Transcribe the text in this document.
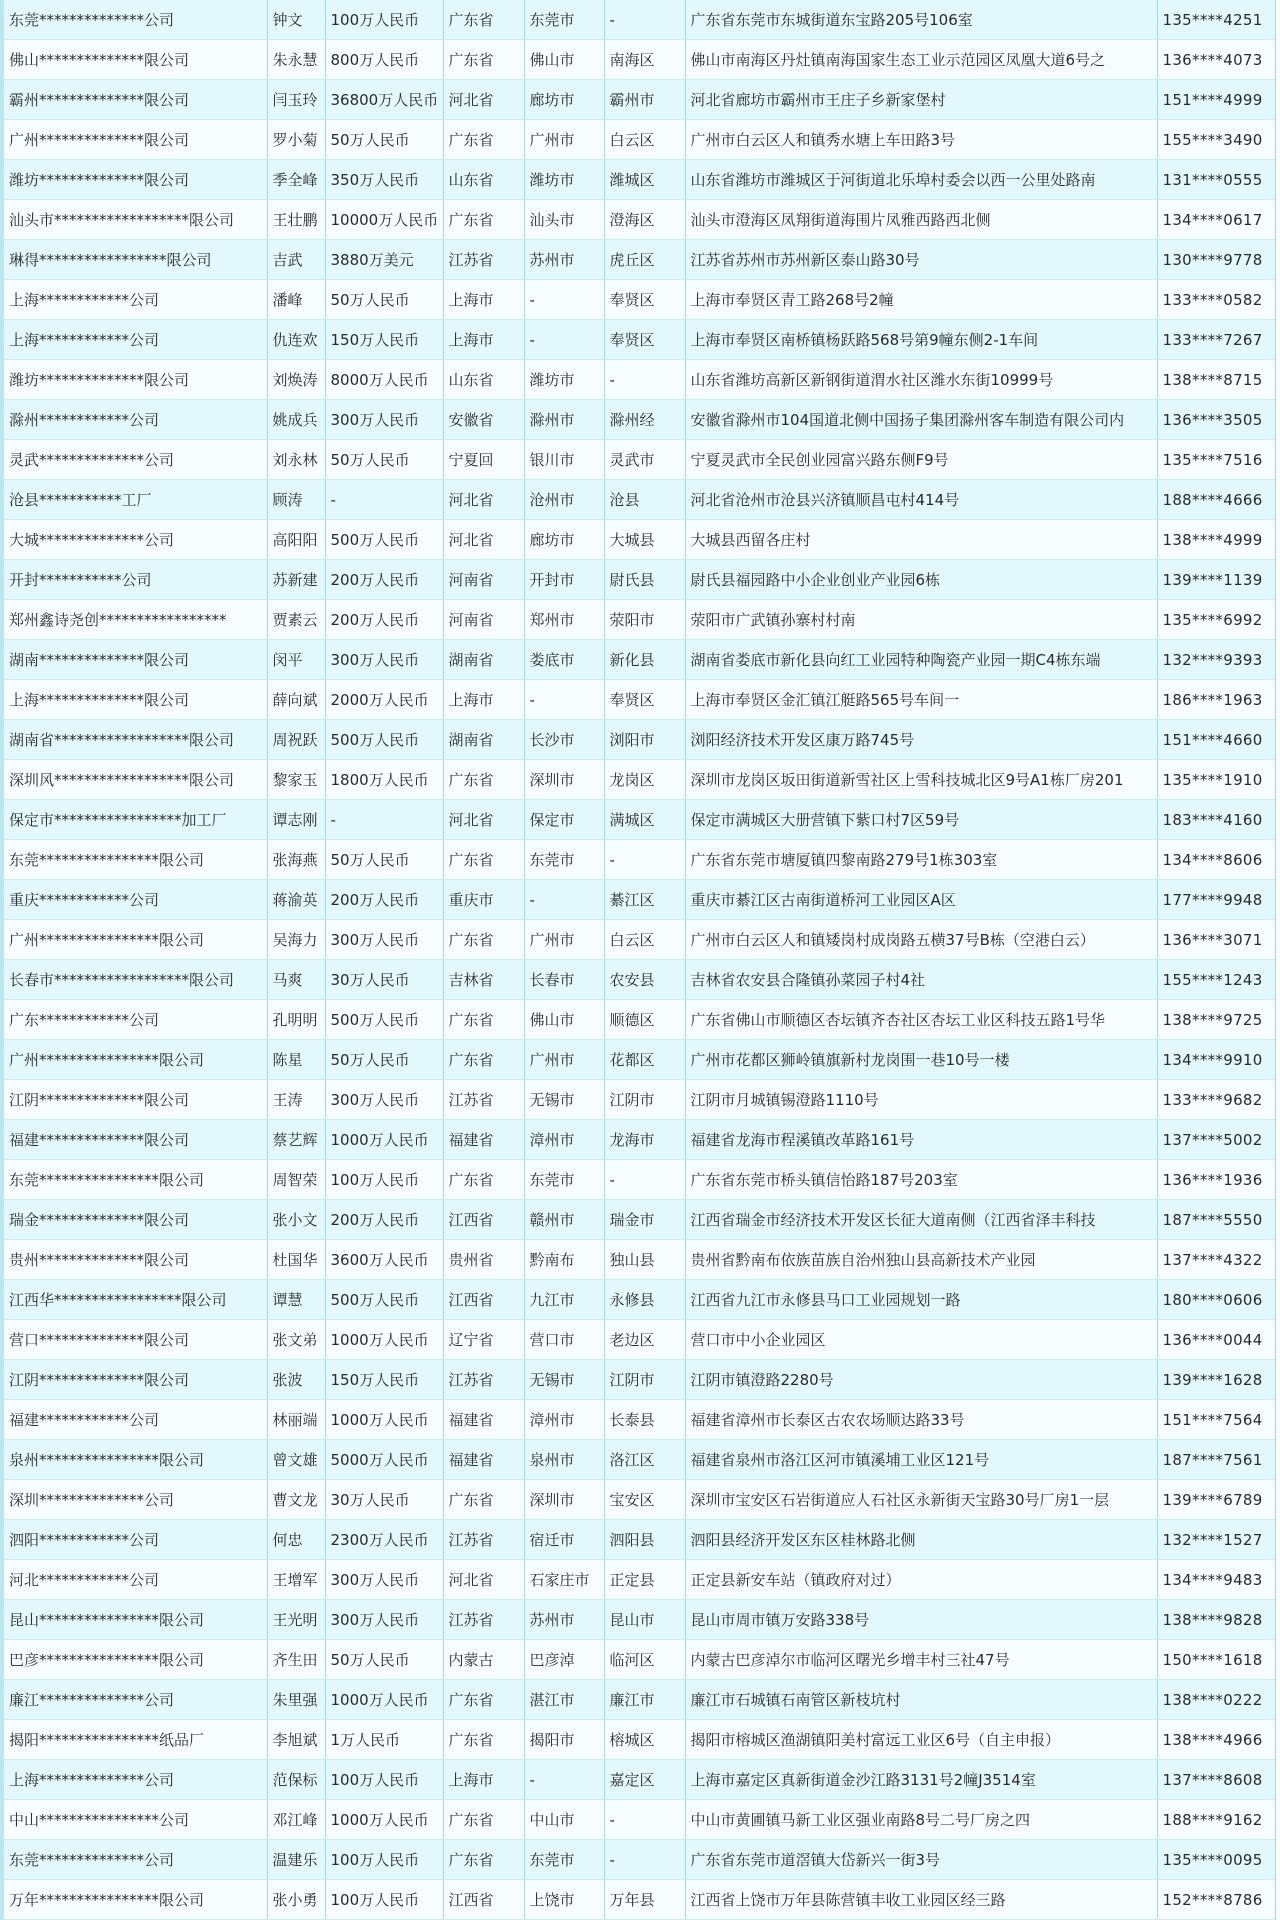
东莞**************公司	钟文	100万人民币	广东省	东莞市	-	广东省东莞市东城街道东宝路205号106室	135****4251
佛山**************限公司	朱永慧	800万人民币	广东省	佛山市	南海区	佛山市南海区丹灶镇南海国家生态工业示范园区凤凰大道6号之	136****4073
霸州**************限公司	闫玉玲	36800万人民币	河北省	廊坊市	霸州市	河北省廊坊市霸州市王庄子乡新家堡村	151****4999
广州**************限公司	罗小菊	50万人民币	广东省	广州市	白云区	广州市白云区人和镇秀水塘上车田路3号	155****3490
潍坊**************限公司	季全峰	350万人民币	山东省	潍坊市	潍城区	山东省潍坊市潍城区于河街道北乐埠村委会以西一公里处路南	131****0555
汕头市******************限公司	王壮鹏	10000万人民币	广东省	汕头市	澄海区	汕头市澄海区凤翔街道海围片凤雅西路西北侧	134****0617
琳得*****************限公司	吉武	3880万美元	江苏省	苏州市	虎丘区	江苏省苏州市苏州新区泰山路30号	130****9778
上海************公司	潘峰	50万人民币	上海市	-	奉贤区	上海市奉贤区青工路268号2幢	133****0582
上海************公司	仇连欢	150万人民币	上海市	-	奉贤区	上海市奉贤区南桥镇杨跃路568号第9幢东侧2-1车间	133****7267
潍坊**************限公司	刘焕涛	8000万人民币	山东省	潍坊市	-	山东省潍坊高新区新钢街道渭水社区潍水东街10999号	138****8715
滁州************公司	姚成兵	300万人民币	安徽省	滁州市	滁州经	安徽省滁州市104国道北侧中国扬子集团滁州客车制造有限公司内	136****3505
灵武**************公司	刘永林	50万人民币	宁夏回	银川市	灵武市	宁夏灵武市全民创业园富兴路东侧F9号	135****7516
沧县***********工厂	顾涛	-	河北省	沧州市	沧县	河北省沧州市沧县兴济镇顺昌屯村414号	188****4666
大城**************公司	高阳阳	500万人民币	河北省	廊坊市	大城县	大城县西留各庄村	138****4999
开封***********公司	苏新建	200万人民币	河南省	开封市	尉氏县	尉氏县福园路中小企业创业产业园6栋	139****1139
郑州鑫诗尧创*****************	贾素云	200万人民币	河南省	郑州市	荥阳市	荥阳市广武镇孙寨村村南	135****6992
湖南**************限公司	闵平	300万人民币	湖南省	娄底市	新化县	湖南省娄底市新化县向红工业园特种陶瓷产业园一期C4栋东端	132****9393
上海**************限公司	薛向斌	2000万人民币	上海市	-	奉贤区	上海市奉贤区金汇镇江艇路565号车间一	186****1963
湖南省******************限公司	周祝跃	500万人民币	湖南省	长沙市	浏阳市	浏阳经济技术开发区康万路745号	151****4660
深圳风******************限公司	黎家玉	1800万人民币	广东省	深圳市	龙岗区	深圳市龙岗区坂田街道新雪社区上雪科技城北区9号A1栋厂房201	135****1910
保定市*****************加工厂	谭志刚	-	河北省	保定市	满城区	保定市满城区大册营镇下紫口村7区59号	183****4160
东莞****************限公司	张海燕	50万人民币	广东省	东莞市	-	广东省东莞市塘厦镇四黎南路279号1栋303室	134****8606
重庆************公司	蒋渝英	200万人民币	重庆市	-	綦江区	重庆市綦江区古南街道桥河工业园区A区	177****9948
广州****************限公司	吴海力	300万人民币	广东省	广州市	白云区	广州市白云区人和镇矮岗村成岗路五横37号B栋（空港白云）	136****3071
长春市******************限公司	马爽	30万人民币	吉林省	长春市	农安县	吉林省农安县合隆镇孙菜园子村4社	155****1243
广东************公司	孔明明	500万人民币	广东省	佛山市	顺德区	广东省佛山市顺德区杏坛镇齐杏社区杏坛工业区科技五路1号华	138****9725
广州****************限公司	陈星	50万人民币	广东省	广州市	花都区	广州市花都区狮岭镇旗新村龙岗围一巷10号一楼	134****9910
江阴**************限公司	王涛	300万人民币	江苏省	无锡市	江阴市	江阴市月城镇锡澄路1110号	133****9682
福建**************限公司	蔡艺辉	1000万人民币	福建省	漳州市	龙海市	福建省龙海市程溪镇改革路161号	137****5002
东莞****************限公司	周智荣	100万人民币	广东省	东莞市	-	广东省东莞市桥头镇信怡路187号203室	136****1936
瑞金**************限公司	张小文	200万人民币	江西省	赣州市	瑞金市	江西省瑞金市经济技术开发区长征大道南侧（江西省泽丰科技	187****5550
贵州**************限公司	杜国华	3600万人民币	贵州省	黔南布	独山县	贵州省黔南布依族苗族自治州独山县高新技术产业园	137****4322
江西华*****************限公司	谭慧	500万人民币	江西省	九江市	永修县	江西省九江市永修县马口工业园规划一路	180****0606
营口**************限公司	张文弟	1000万人民币	辽宁省	营口市	老边区	营口市中小企业园区	136****0044
江阴**************限公司	张波	150万人民币	江苏省	无锡市	江阴市	江阴市镇澄路2280号	139****1628
福建************公司	林丽端	1000万人民币	福建省	漳州市	长泰县	福建省漳州市长泰区古农农场顺达路33号	151****7564
泉州****************限公司	曾文雄	5000万人民币	福建省	泉州市	洛江区	福建省泉州市洛江区河市镇溪埔工业区121号	187****7561
深圳**************公司	曹文龙	30万人民币	广东省	深圳市	宝安区	深圳市宝安区石岩街道应人石社区永新街天宝路30号厂房1一层	139****6789
泗阳************公司	何忠	2300万人民币	江苏省	宿迁市	泗阳县	泗阳县经济开发区东区桂林路北侧	132****1527
河北************公司	王增军	300万人民币	河北省	石家庄市	正定县	正定县新安车站（镇政府对过）	134****9483
昆山****************限公司	王光明	300万人民币	江苏省	苏州市	昆山市	昆山市周市镇万安路338号	138****9828
巴彦****************限公司	齐生田	50万人民币	内蒙古	巴彦淖	临河区	内蒙古巴彦淖尔市临河区曙光乡增丰村三社47号	150****1618
廉江**************公司	朱里强	1000万人民币	广东省	湛江市	廉江市	廉江市石城镇石南管区新枝坑村	138****0222
揭阳****************纸品厂	李旭斌	1万人民币	广东省	揭阳市	榕城区	揭阳市榕城区渔湖镇阳美村富远工业区6号（自主申报）	138****4966
上海**************公司	范保标	100万人民币	上海市	-	嘉定区	上海市嘉定区真新街道金沙江路3131号2幢J3514室	137****8608
中山****************公司	邓江峰	1000万人民币	广东省	中山市	-	中山市黄圃镇马新工业区强业南路8号二号厂房之四	188****9162
东莞**************公司	温建乐	100万人民币	广东省	东莞市	-	广东省东莞市道滘镇大岱新兴一街3号	135****0095
万年****************限公司	张小勇	100万人民币	江西省	上饶市	万年县	江西省上饶市万年县陈营镇丰收工业园区经三路	152****8786
